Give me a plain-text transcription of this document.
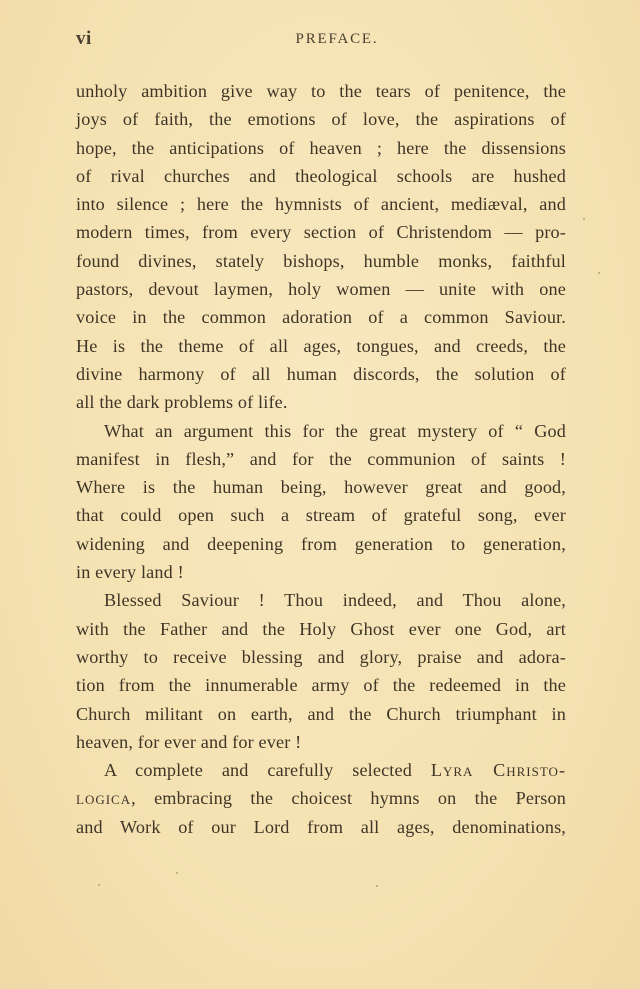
vi	PREFACE.
unholy ambition give way to the tears of penitence, the
joys of faith, the emotions of love, the aspirations of
hope, the anticipations of heaven ; here the dissensions
of rival churches and theological schools are hushed
into silence ; here the hymnists of ancient, mediæval, and
modern times, from every section of Christendom — pro-
found divines, stately bishops, humble monks, faithful
pastors, devout laymen, holy women — unite with one
voice in the common adoration of a common Saviour.
He is the theme of all ages, tongues, and creeds, the
divine harmony of all human discords, the solution of
all the dark problems of life.
What an argument this for the great mystery of “ God
manifest in flesh,” and for the communion of saints !
Where is the human being, however great and good,
that could open such a stream of grateful song, ever
widening and deepening from generation to generation,
in every land !
Blessed Saviour ! Thou indeed, and Thou alone,
with the Father and the Holy Ghost ever one God, art
worthy to receive blessing and glory, praise and adora-
tion from the innumerable army of the redeemed in the
Church militant on earth, and the Church triumphant in
heaven, for ever and for ever !
A complete and carefully selected Lyra Christo-
logica, embracing the choicest hymns on the Person
and Work of our Lord from all ages, denominations,
